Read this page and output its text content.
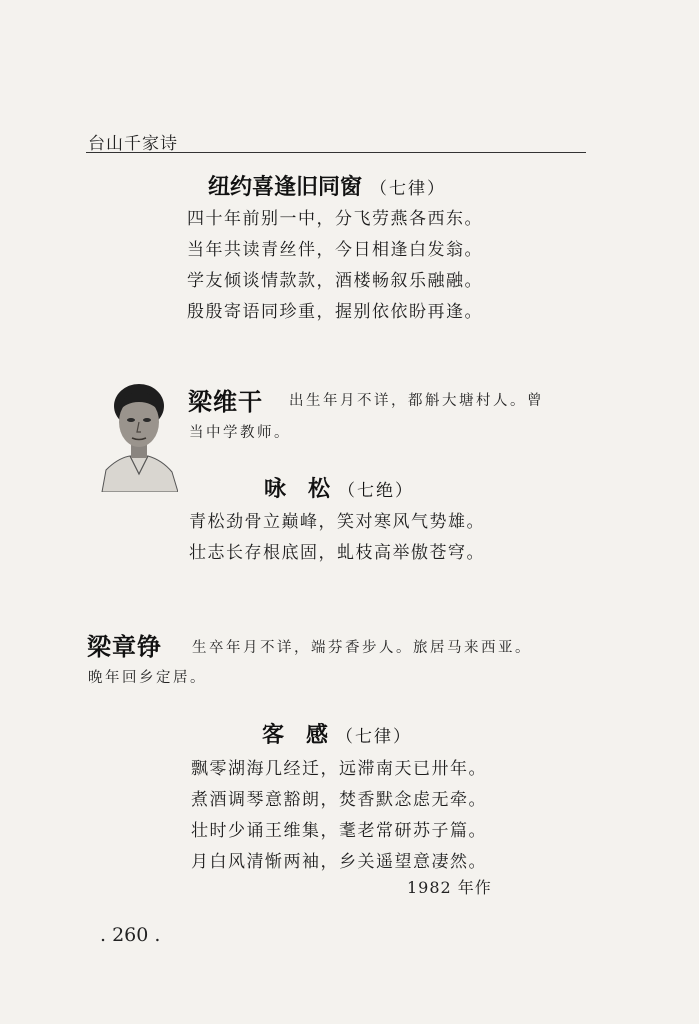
台山千家诗
纽约喜逢旧同窗 （七律）
四十年前别一中，分飞劳燕各西东。
当年共读青丝伴，今日相逢白发翁。
学友倾谈情款款，酒楼畅叙乐融融。
殷殷寄语同珍重，握别依依盼再逢。
梁维干 出生年月不详，都斛大塘村人。曾
当中学教师。
咏　松 （七绝）
青松劲骨立巅峰，笑对寒风气势雄。
壮志长存根底固，虬枝高举傲苍穹。
梁章铮 生卒年月不详，端芬香步人。旅居马来西亚。
晚年回乡定居。
客　感 （七律）
飘零湖海几经迁，远滞南天已卅年。
煮酒调琴意豁朗，焚香默念虑无牵。
壮时少诵王维集，耄老常研苏子篇。
月白风清惭两袖，乡关遥望意凄然。
1982 年作
. 260 .
